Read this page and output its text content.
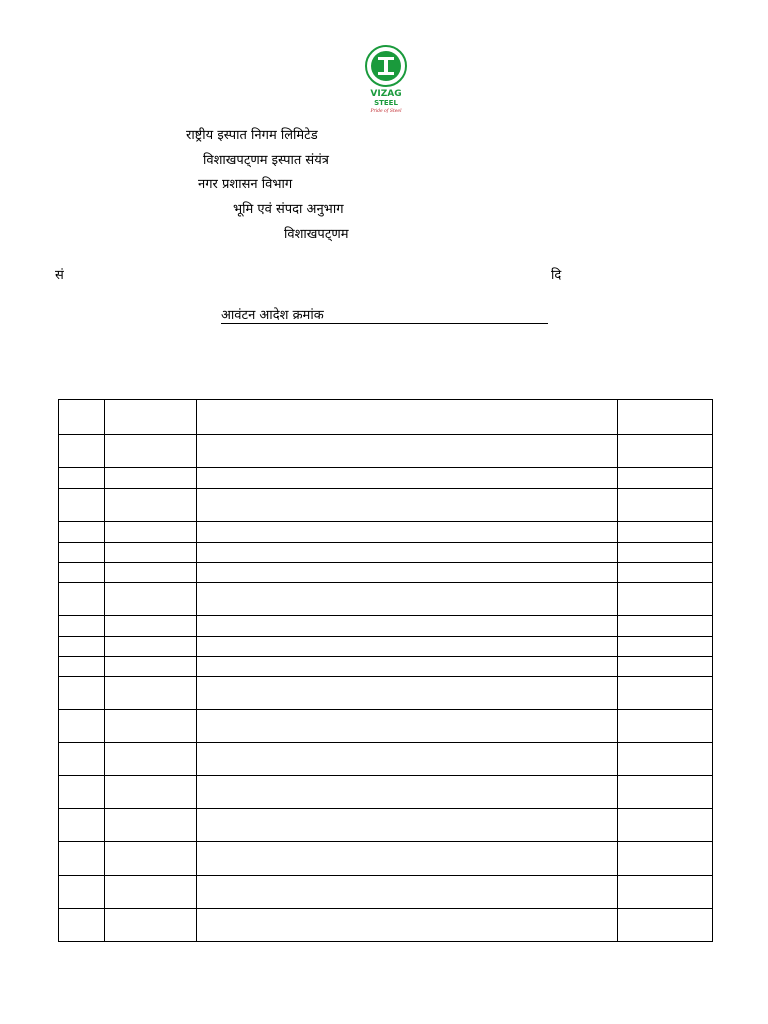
VIZAG
STEEL
Pride of Steel
राष्ट्रीय इस्पात निगम लिमिटेड
विशाखपट्णम इस्पात संयंत्र
नगर प्रशासन विभाग
भूमि एवं संपदा अनुभाग
विशाखपट्णम
सं	दि
आवंटन आदेश क्रमांक
